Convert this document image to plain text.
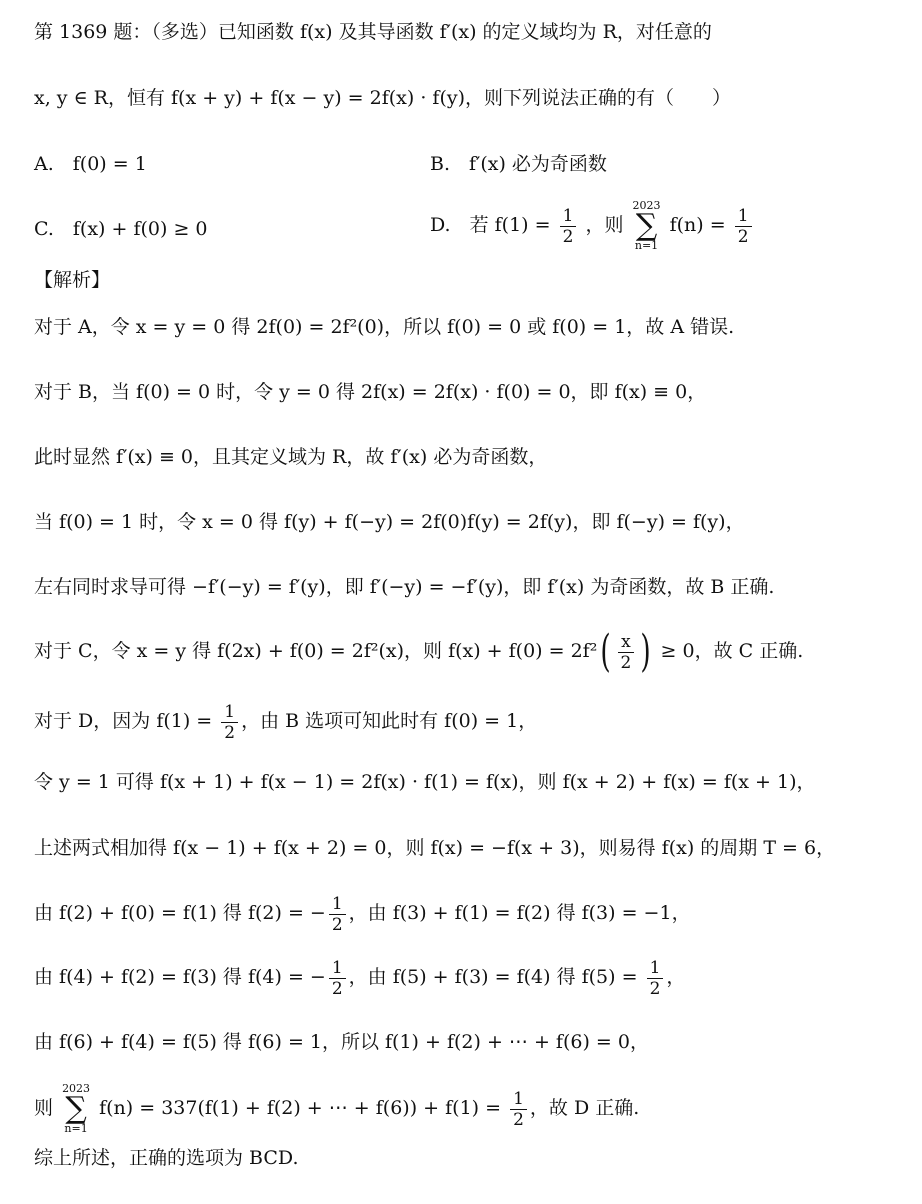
第 1369 题：（多选）已知函数 f(x) 及其导函数 f′(x) 的定义域均为 R，对任意的
x, y ∈ R，恒有 f(x + y) + f(x − y) = 2f(x) · f(y)，则下列说法正确的有（　　）
A.　f(0) = 1	B.　f′(x) 必为奇函数
C.　f(x) + f(0) ≥ 0	D.　若 $f(1) = \frac{1}{2}$ ，则
2023
∑
n=1
$f(n) = \frac{1}{2}$
【解析】
对于 A，令 x = y = 0 得 2f(0) = 2f²(0)，所以 f(0) = 0 或 f(0) = 1，故 A 错误.
对于 B，当 f(0) = 0 时，令 y = 0 得 2f(x) = 2f(x) · f(0) = 0，即 f(x) ≡ 0，
此时显然 f′(x) ≡ 0，且其定义域为 R，故 f′(x) 必为奇函数，
当 f(0) = 1 时，令 x = 0 得 f(y) + f(−y) = 2f(0)f(y) = 2f(y)，即 f(−y) = f(y)，
左右同时求导可得 −f′(−y) = f′(y)，即 f′(−y) = −f′(y)，即 f′(x) 为奇函数，故 B 正确.
对于 C，令 x = y 得 f(2x) + f(0) = 2f²(x)，则 $f(x) + f(0) = 2f^2( \frac{x}{2}$ ) ≥ 0，故 C 正确.
对于 D，因为 $f(1) = \frac{1}{2}$ ，由 B 选项可知此时有 f(0) = 1，
令 y = 1 可得 f(x + 1) + f(x − 1) = 2f(x) · f(1) = f(x)，则 f(x + 2) + f(x) = f(x + 1)，
上述两式相加得 f(x − 1) + f(x + 2) = 0，则 f(x) = −f(x + 3)，则易得 f(x) 的周期 T = 6，
由 f(2) + f(0) = f(1) 得 f(2) = − $\frac{1}{2}$ ，由 f(3) + f(1) = f(2) 得 f(3) = −1，
由 f(4) + f(2) = f(3) 得 f(4) = − $\frac{1}{2}$ ，由 f(5) + f(3) = f(4) 得 $f(5) = \frac{1}{2}$ ，
由 f(6) + f(4) = f(5) 得 f(6) = 1，所以 f(1) + f(2) + ⋯ + f(6) = 0，
则
2023
∑
n=1
f(n) = 337(f(1) + f(2) + ⋯ + $f(6)) + f(1) = \frac{1}{2}$ ，故 D 正确.
综上所述，正确的选项为 BCD.
